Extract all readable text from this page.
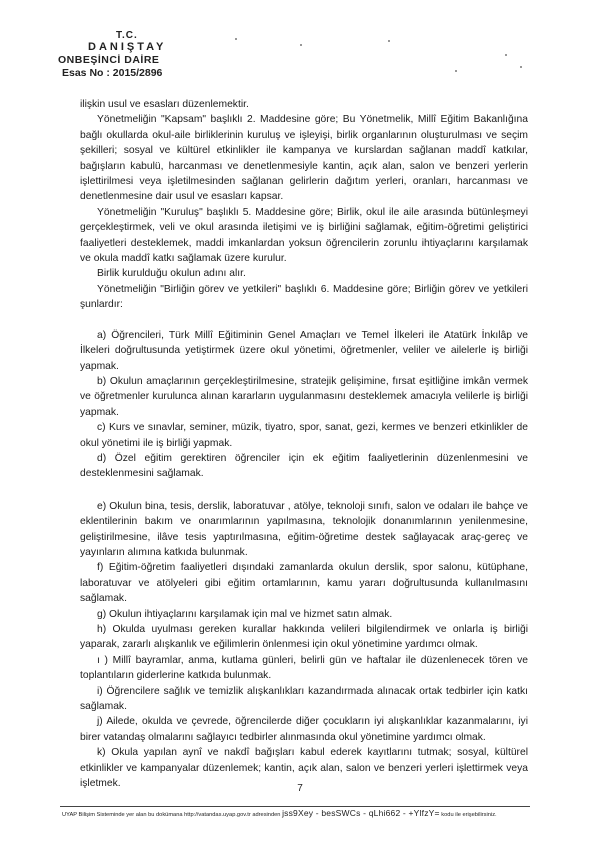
T.C.
DANIŞTAY
ONBEŞİNCİ DAİRE
Esas No : 2015/2896

ilişkin usul ve esasları düzenlemektir.

Yönetmeliğin "Kapsam" başlıklı 2. Maddesine göre; Bu Yönetmelik, Millî Eğitim Bakanlığına bağlı okullarda okul-aile birliklerinin kuruluş ve işleyişi, birlik organlarının oluşturulması ve seçim şekilleri; sosyal ve kültürel etkinlikler ile kampanya ve kurslardan sağlanan maddî katkılar, bağışların kabulü, harcanması ve denetlenmesiyle kantin, açık alan, salon ve benzeri yerlerin işlettirilmesi veya işletilmesinden sağlanan gelirlerin dağıtım yerleri, oranları, harcanması ve denetlenmesine dair usul ve esasları kapsar.

Yönetmeliğin "Kuruluş" başlıklı 5. Maddesine göre; Birlik, okul ile aile arasında bütünleşmeyi gerçekleştirmek, veli ve okul arasında iletişimi ve iş birliğini sağlamak, eğitim-öğretimi geliştirici faaliyetleri desteklemek, maddi imkanlardan yoksun öğrencilerin zorunlu ihtiyaçlarını karşılamak ve okula maddî katkı sağlamak üzere kurulur.

Birlik kurulduğu okulun adını alır.

Yönetmeliğin "Birliğin görev ve yetkileri" başlıklı 6. Maddesine göre; Birliğin görev ve yetkileri şunlardır:

a) Öğrencileri, Türk Millî Eğitiminin Genel Amaçları ve Temel İlkeleri ile Atatürk İnkılâp ve İlkeleri doğrultusunda yetiştirmek üzere okul yönetimi, öğretmenler, veliler ve ailelerle iş birliği yapmak.

b) Okulun amaçlarının gerçekleştirilmesine, stratejik gelişimine, fırsat eşitliğine imkân vermek ve öğretmenler kurulunca alınan kararların uygulanmasını desteklemek amacıyla velilerle iş birliği yapmak.

c) Kurs ve sınavlar, seminer, müzik, tiyatro, spor, sanat, gezi, kermes ve benzeri etkinlikler de okul yönetimi ile iş birliği yapmak.

d) Özel eğitim gerektiren öğrenciler için ek eğitim faaliyetlerinin düzenlenmesini ve desteklenmesini sağlamak.

e) Okulun bina, tesis, derslik, laboratuvar , atölye, teknoloji sınıfı, salon ve odaları ile bahçe ve eklentilerinin bakım ve onarımlarının yapılmasına, teknolojik donanımlarının yenilenmesine, geliştirilmesine, ilâve tesis yaptırılmasına, eğitim-öğretime destek sağlayacak araç-gereç ve yayınların alımına katkıda bulunmak.

f) Eğitim-öğretim faaliyetleri dışındaki zamanlarda okulun derslik, spor salonu, kütüphane, laboratuvar ve atölyeleri gibi eğitim ortamlarının, kamu yararı doğrultusunda kullanılmasını sağlamak.

g) Okulun ihtiyaçlarını karşılamak için mal ve hizmet satın almak.

h) Okulda uyulması gereken kurallar hakkında velileri bilgilendirmek ve onlarla iş birliği yaparak, zararlı alışkanlık ve eğilimlerin önlenmesi için okul yönetimine yardımcı olmak.

ı ) Millî bayramlar, anma, kutlama günleri, belirli gün ve haftalar ile düzenlenecek tören ve toplantıların giderlerine katkıda bulunmak.

i) Öğrencilere sağlık ve temizlik alışkanlıkları kazandırmada alınacak ortak tedbirler için katkı sağlamak.

j) Ailede, okulda ve çevrede, öğrencilerde diğer çocukların iyi alışkanlıklar kazanmalarını, iyi birer vatandaş olmalarını sağlayıcı tedbirler alınmasında okul yönetimine yardımcı olmak.

k) Okula yapılan aynî ve nakdî bağışları kabul ederek kayıtlarını tutmak; sosyal, kültürel etkinlikler ve kampanyalar düzenlemek; kantin, açık alan, salon ve benzeri yerleri işlettirmek veya işletmek.	7
UYAP Bilişim Sisteminde yer alan bu dokümana http://vatandas.uyap.gov.tr adresinden jss9Xey - besSWCs - qLhi662 - +YlfzY= kodu ile erişebilirsiniz.
